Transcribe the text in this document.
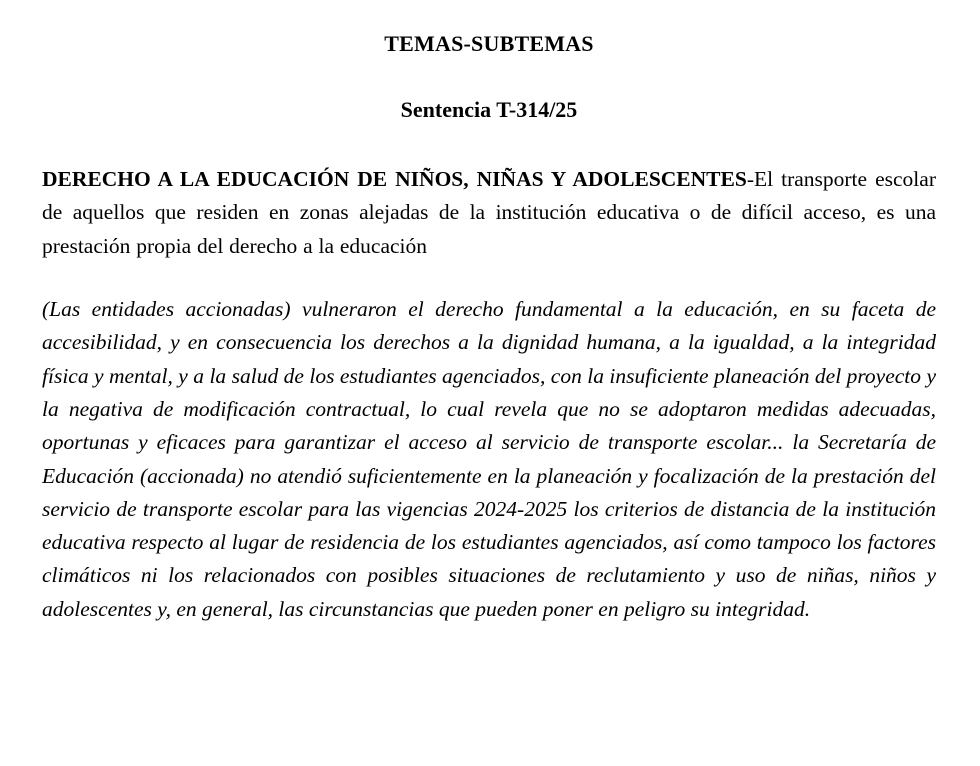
TEMAS-SUBTEMAS
Sentencia T-314/25

DERECHO A LA EDUCACIÓN DE NIÑOS, NIÑAS Y ADOLESCENTES-El transporte escolar de aquellos que residen en zonas alejadas de la institución educativa o de difícil acceso, es una prestación propia del derecho a la educación

(Las entidades accionadas) vulneraron el derecho fundamental a la educación, en su faceta de accesibilidad, y en consecuencia los derechos a la dignidad humana, a la igualdad, a la integridad física y mental, y a la salud de los estudiantes agenciados, con la insuficiente planeación del proyecto y la negativa de modificación contractual, lo cual revela que no se adoptaron medidas adecuadas, oportunas y eficaces para garantizar el acceso al servicio de transporte escolar... la Secretaría de Educación (accionada) no atendió suficientemente en la planeación y focalización de la prestación del servicio de transporte escolar para las vigencias 2024-2025 los criterios de distancia de la institución educativa respecto al lugar de residencia de los estudiantes agenciados, así como tampoco los factores climáticos ni los relacionados con posibles situaciones de reclutamiento y uso de niñas, niños y adolescentes y, en general, las circunstancias que pueden poner en peligro su integridad.
